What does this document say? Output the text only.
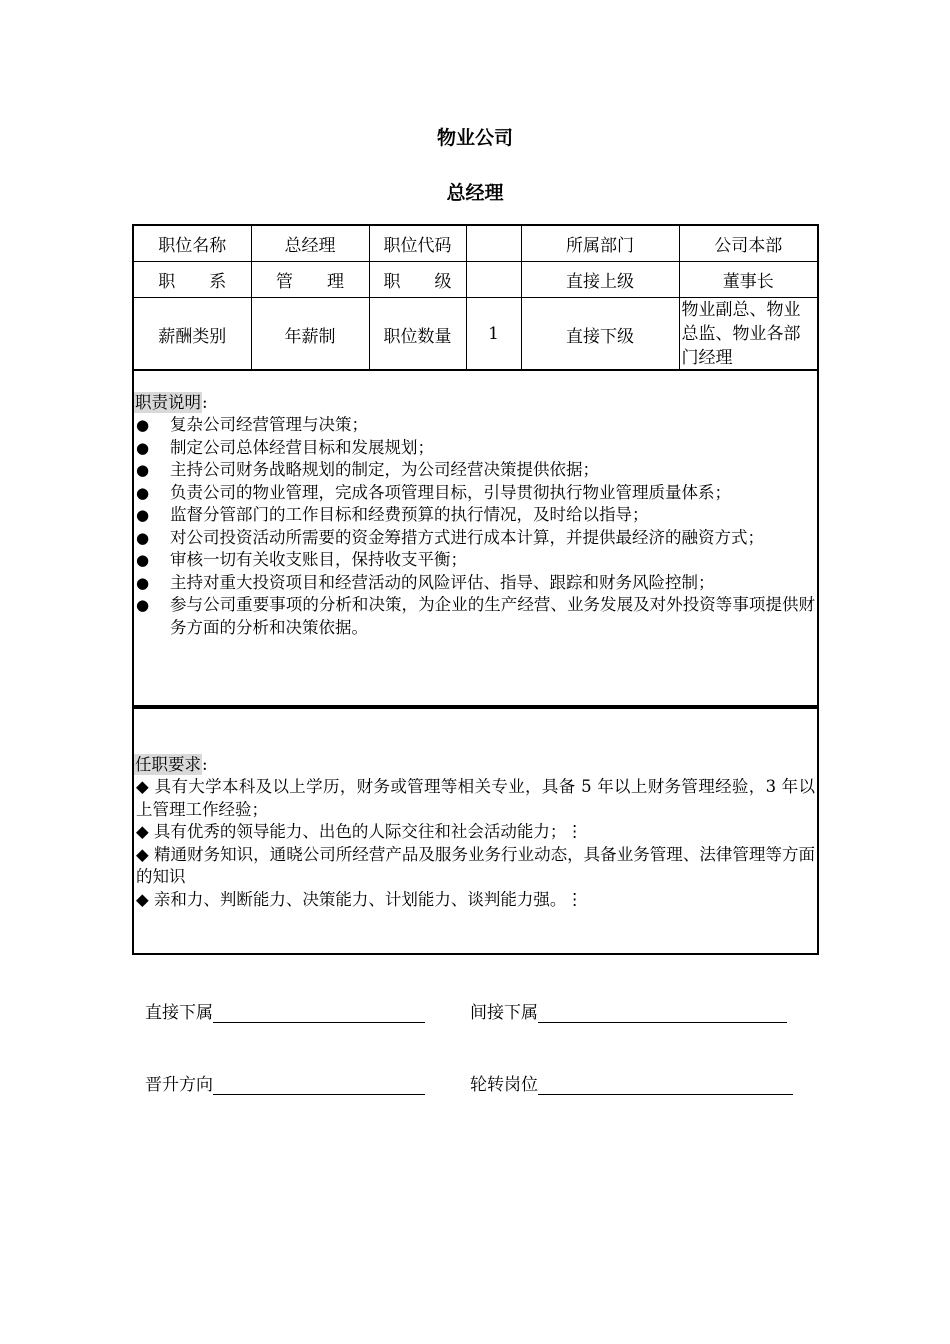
物业公司
总经理
职位名称	总经理	职位代码		所属部门	公司本部
职　　系	管　　理	职　　级		直接上级	董事长
薪酬类别	年薪制	职位数量	1	直接下级	物业副总、物业总监、物业各部门经理
职责说明:
● 复杂公司经营管理与决策；
● 制定公司总体经营目标和发展规划；
● 主持公司财务战略规划的制定，为公司经营决策提供依据；
● 负责公司的物业管理，完成各项管理目标，引导贯彻执行物业管理质量体系；
● 监督分管部门的工作目标和经费预算的执行情况，及时给以指导；
● 对公司投资活动所需要的资金筹措方式进行成本计算，并提供最经济的融资方式；
● 审核一切有关收支账目，保持收支平衡；
● 主持对重大投资项目和经营活动的风险评估、指导、跟踪和财务风险控制；
● 参与公司重要事项的分析和决策，为企业的生产经营、业务发展及对外投资等事项提供财务方面的分析和决策依据。
任职要求:
◆ 具有大学本科及以上学历，财务或管理等相关专业，具备 5 年以上财务管理经验，3 年以上管理工作经验；
◆ 具有优秀的领导能力、出色的人际交往和社会活动能力；⋮
◆ 精通财务知识，通晓公司所经营产品及服务业务行业动态，具备业务管理、法律管理等方面的知识
◆ 亲和力、判断能力、决策能力、计划能力、谈判能力强。⋮
直接下属	间接下属
晋升方向	轮转岗位
